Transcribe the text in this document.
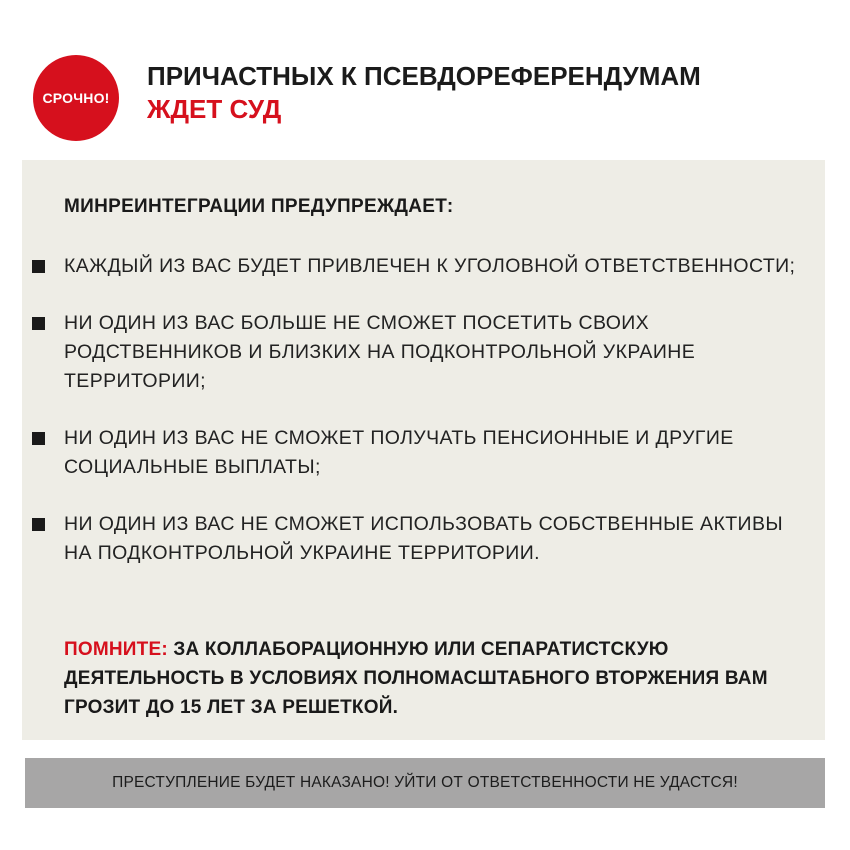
СРОЧНО!
ПРИЧАСТНЫХ К ПСЕВДОРЕФЕРЕНДУМАМ
ЖДЕТ СУД
МИНРЕИНТЕГРАЦИИ ПРЕДУПРЕЖДАЕТ:
КАЖДЫЙ ИЗ ВАС БУДЕТ ПРИВЛЕЧЕН К УГОЛОВНОЙ ОТВЕТСТВЕННОСТИ;
НИ ОДИН ИЗ ВАС БОЛЬШЕ НЕ СМОЖЕТ ПОСЕТИТЬ СВОИХ РОДСТВЕННИКОВ И БЛИЗКИХ НА ПОДКОНТРОЛЬНОЙ УКРАИНЕ ТЕРРИТОРИИ;
НИ ОДИН ИЗ ВАС НЕ СМОЖЕТ ПОЛУЧАТЬ ПЕНСИОННЫЕ И ДРУГИЕ СОЦИАЛЬНЫЕ ВЫПЛАТЫ;
НИ ОДИН ИЗ ВАС НЕ СМОЖЕТ ИСПОЛЬЗОВАТЬ СОБСТВЕННЫЕ АКТИВЫ НА ПОДКОНТРОЛЬНОЙ УКРАИНЕ ТЕРРИТОРИИ.
ПОМНИТЕ: ЗА КОЛЛАБОРАЦИОННУЮ ИЛИ СЕПАРАТИСТСКУЮ ДЕЯТЕЛЬНОСТЬ В УСЛОВИЯХ ПОЛНОМАСШТАБНОГО ВТОРЖЕНИЯ ВАМ ГРОЗИТ ДО 15 ЛЕТ ЗА РЕШЕТКОЙ.
ПРЕСТУПЛЕНИЕ БУДЕТ НАКАЗАНО! УЙТИ ОТ ОТВЕТСТВЕННОСТИ НЕ УДАСТСЯ!
